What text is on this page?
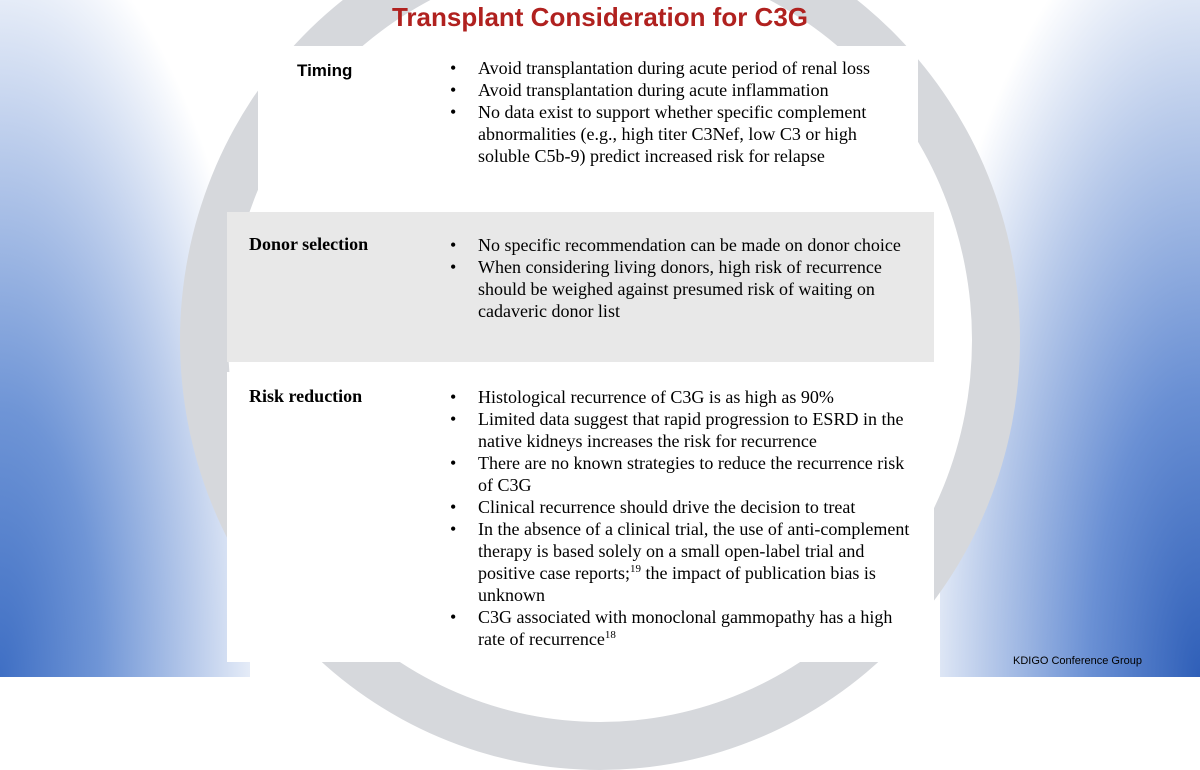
Transplant Consideration for C3G
Timing	• Avoid transplantation during acute period of renal loss
• Avoid transplantation during acute inflammation
• No data exist to support whether specific complement abnormalities (e.g., high titer C3Nef, low C3 or high soluble C5b-9) predict increased risk for relapse
Donor selection	• No specific recommendation can be made on donor choice
• When considering living donors, high risk of recurrence should be weighed against presumed risk of waiting on cadaveric donor list
Risk reduction	• Histological recurrence of C3G is as high as 90%
• Limited data suggest that rapid progression to ESRD in the native kidneys increases the risk for recurrence
• There are no known strategies to reduce the recurrence risk of C3G
• Clinical recurrence should drive the decision to treat
• In the absence of a clinical trial, the use of anti-complement therapy is based solely on a small open-label trial and positive case reports;$^{19}$ the impact of publication bias is unknown
• C3G associated with monoclonal gammopathy has a high rate of recurrence$^{18}$
KDIGO Conference Group
